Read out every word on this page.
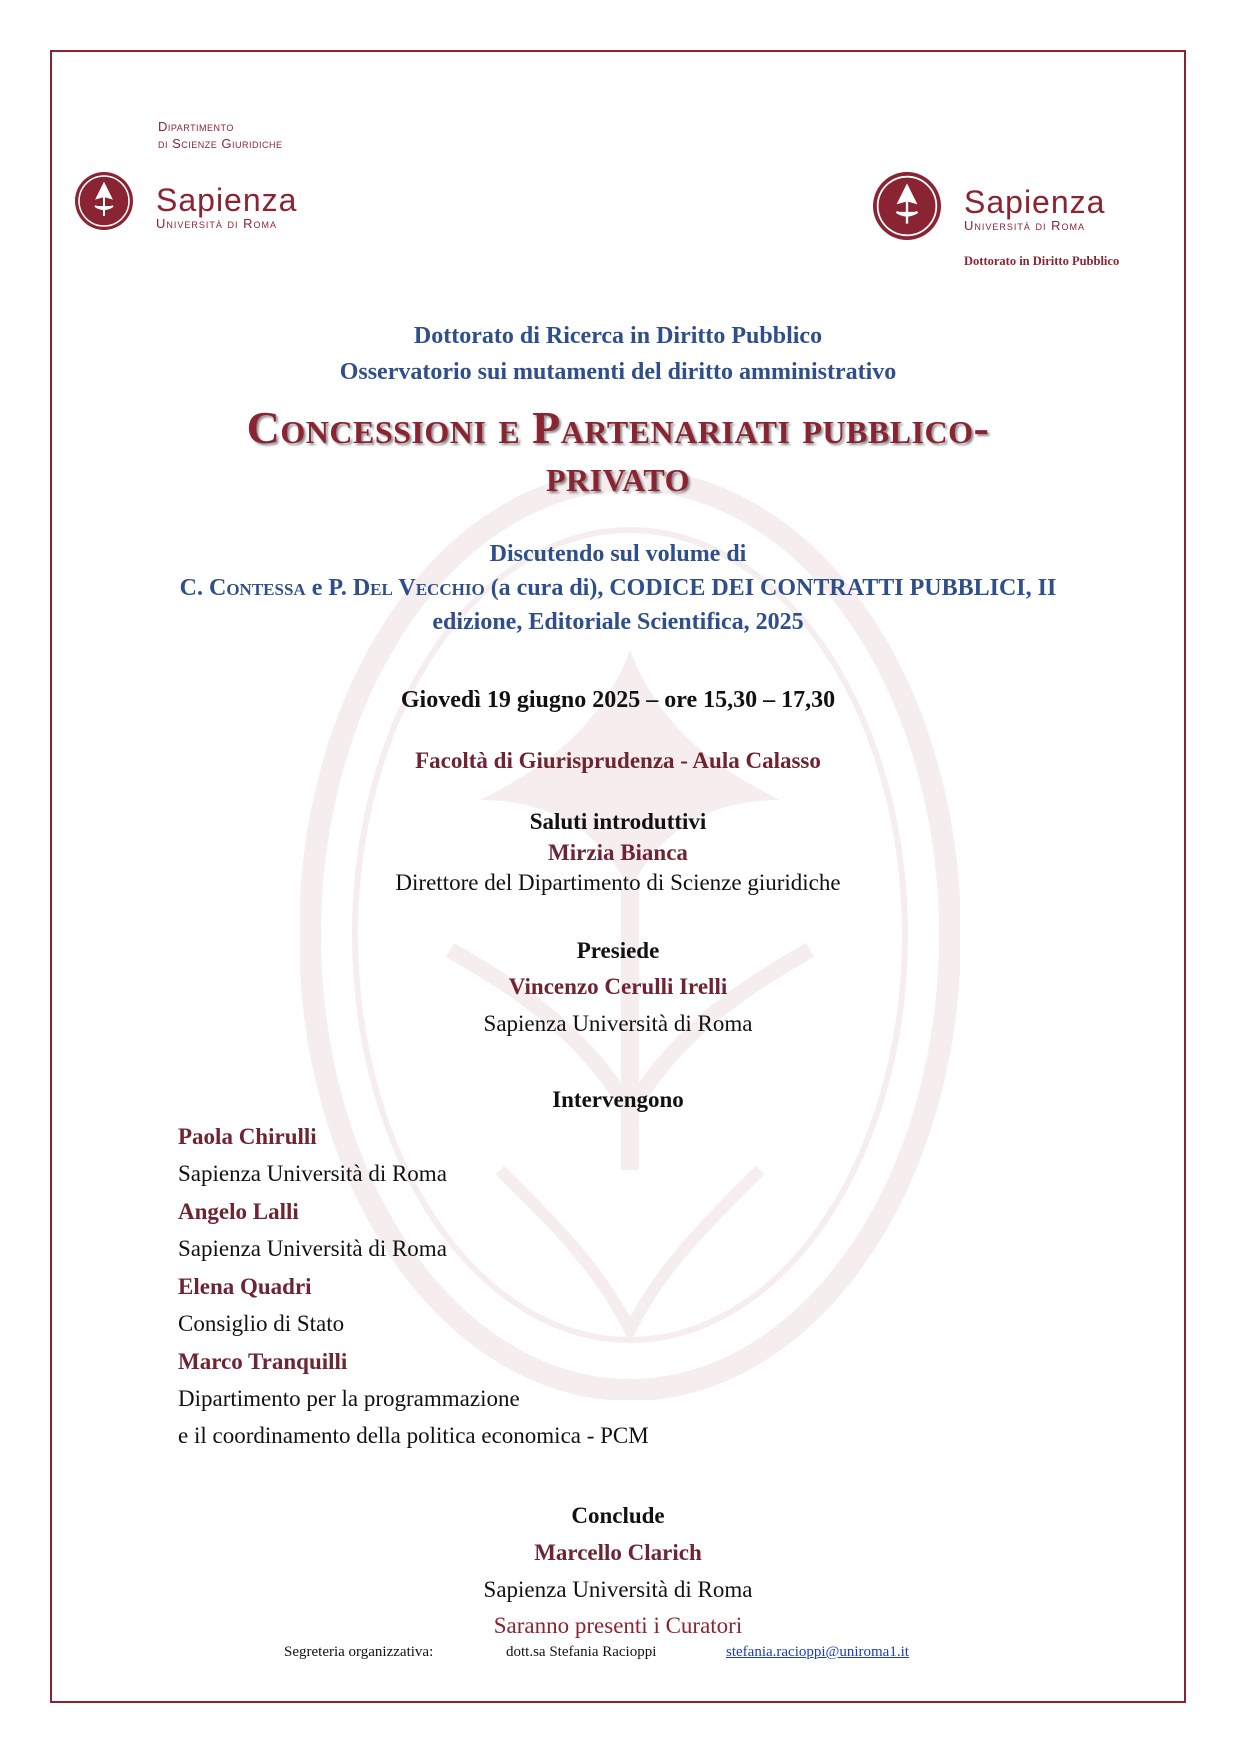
Dipartimento
di Scienze Giuridiche
Sapienza
Università di Roma
Sapienza
Università di Roma
Dottorato in Diritto Pubblico
Dottorato di Ricerca in Diritto Pubblico
Osservatorio sui mutamenti del diritto amministrativo
Concessioni e Partenariati pubblico-
privato
Discutendo sul volume di
C. Contessa e P. Del Vecchio (a cura di), CODICE DEI CONTRATTI PUBBLICI, II
edizione, Editoriale Scientifica, 2025
Giovedì 19 giugno 2025 – ore 15,30 – 17,30
Facoltà di Giurisprudenza - Aula Calasso
Saluti introduttivi
Mirzia Bianca
Direttore del Dipartimento di Scienze giuridiche
Presiede
Vincenzo Cerulli Irelli
Sapienza Università di Roma
Intervengono
Paola Chirulli
Sapienza Università di Roma
Angelo Lalli
Sapienza Università di Roma
Elena Quadri
Consiglio di Stato
Marco Tranquilli
Dipartimento per la programmazione
e il coordinamento della politica economica - PCM
Conclude
Marcello Clarich
Sapienza Università di Roma
Saranno presenti i Curatori
Segreteria organizzativa:	dott.sa Stefania Racioppi	stefania.racioppi@uniroma1.it
